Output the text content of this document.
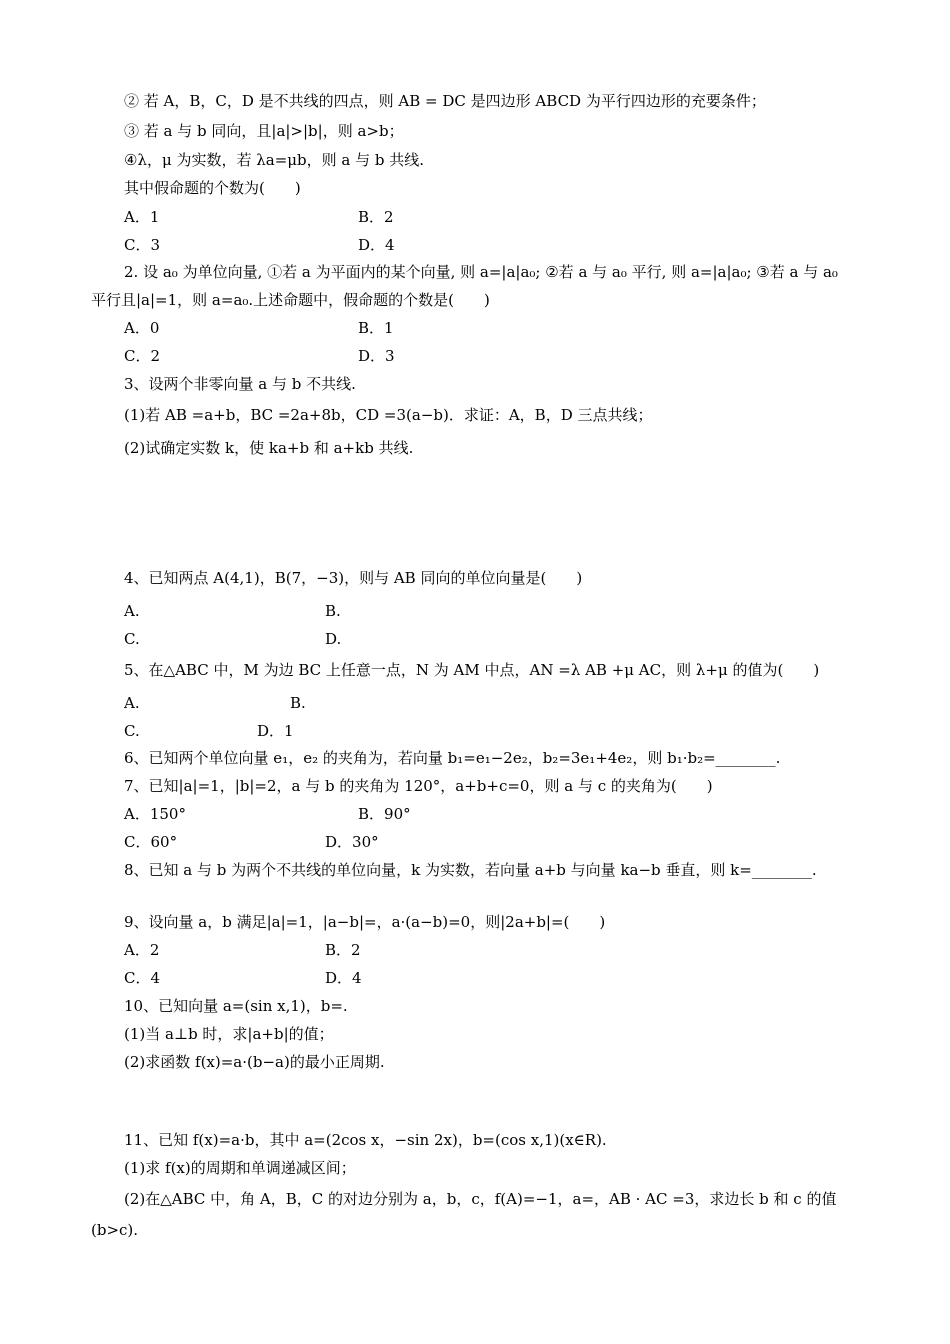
② 若 A，B，C，D 是不共线的四点，则 AB = DC 是四边形 ABCD 为平行四边形的充要条件；
③ 若 a 与 b 同向，且|a|>|b|，则 a>b；
④λ，μ 为实数，若 λa=μb，则 a 与 b 共线.
其中假命题的个数为(　　)
A．1	B．2
C．3	D．4
2. 设 a₀ 为单位向量, ①若 a 为平面内的某个向量, 则 a=|a|a₀; ②若 a 与 a₀ 平行, 则 a=|a|a₀; ③若 a 与 a₀
平行且|a|=1，则 a=a₀.上述命题中，假命题的个数是(　　)
A．0	B．1
C．2	D．3
3、设两个非零向量 a 与 b 不共线.
(1)若 AB =a+b，BC =2a+8b，CD =3(a−b)．求证：A，B，D 三点共线；
(2)试确定实数 k，使 ka+b 和 a+kb 共线.
4、已知两点 A(4,1)，B(7，−3)，则与 AB 同向的单位向量是(　　)
A.	B.
C.	D.
5、在△ABC 中，M 为边 BC 上任意一点，N 为 AM 中点，AN =λ AB +μ AC，则 λ+μ 的值为(　　)
A.	B.
C.	D．1
6、已知两个单位向量 e₁，e₂ 的夹角为，若向量 b₁=e₁−2e₂，b₂=3e₁+4e₂，则 b₁·b₂=________.
7、已知|a|=1，|b|=2，a 与 b 的夹角为 120°，a+b+c=0，则 a 与 c 的夹角为(　　)
A．150°	B．90°
C．60°	D．30°
8、已知 a 与 b 为两个不共线的单位向量，k 为实数，若向量 a+b 与向量 ka−b 垂直，则 k=________.
9、设向量 a，b 满足|a|=1，|a−b|=，a·(a−b)=0，则|2a+b|=(　　)
A．2	B．2
C．4	D．4
10、已知向量 a=(sin x,1)，b=.
(1)当 a⊥b 时，求|a+b|的值；
(2)求函数 f(x)=a·(b−a)的最小正周期.
11、已知 f(x)=a·b，其中 a=(2cos x，−sin 2x)，b=(cos x,1)(x∈R).
(1)求 f(x)的周期和单调递减区间；
(2)在△ABC 中，角 A，B，C 的对边分别为 a，b，c，f(A)=−1，a=，AB · AC =3，求边长 b 和 c 的值
(b>c).
